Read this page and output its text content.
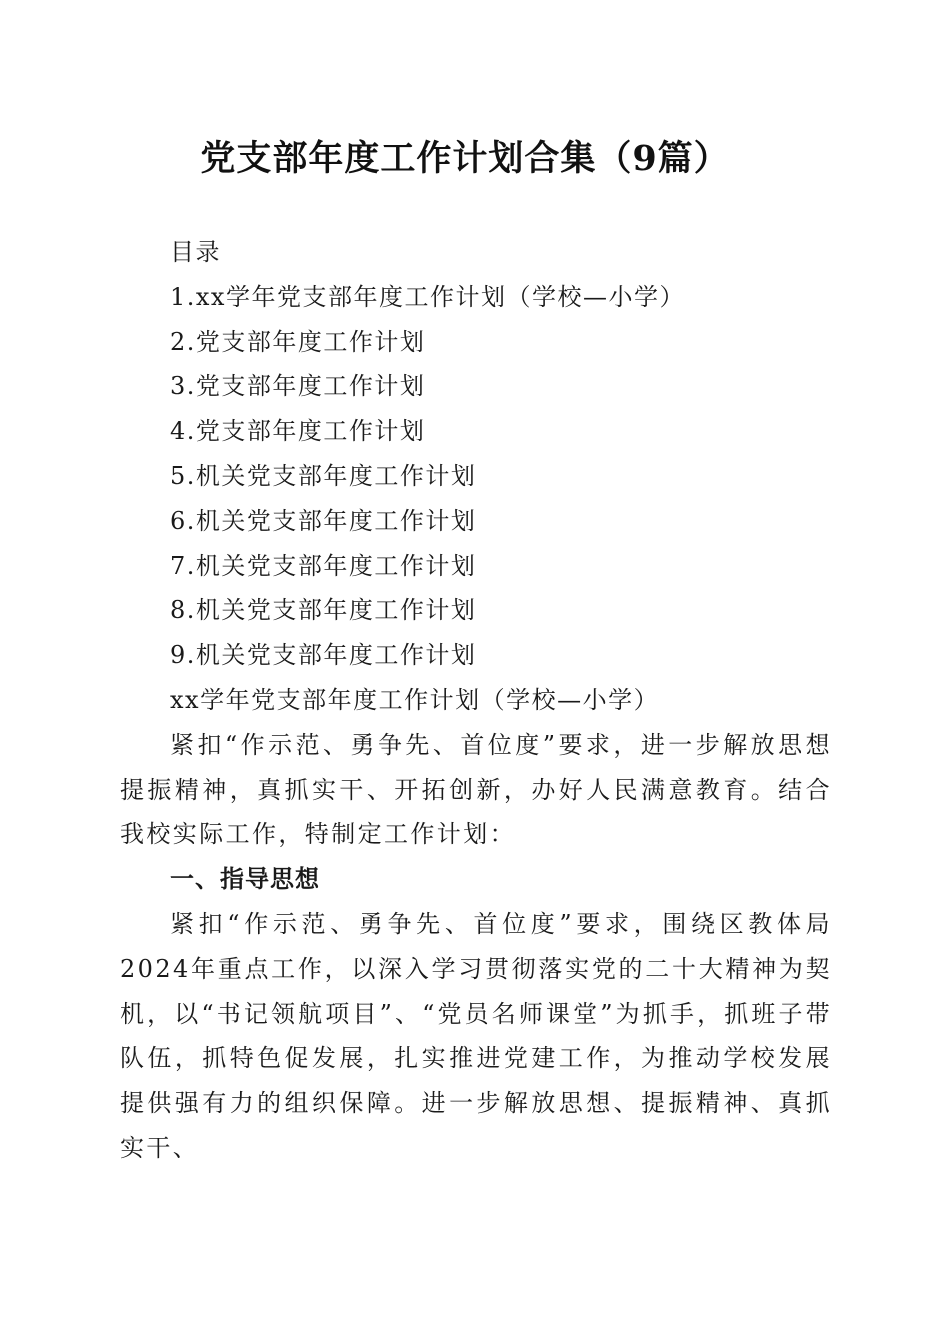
党支部年度工作计划合集（9篇）
目录
1.xx学年党支部年度工作计划（学校—小学）
2.党支部年度工作计划
3.党支部年度工作计划
4.党支部年度工作计划
5.机关党支部年度工作计划
6.机关党支部年度工作计划
7.机关党支部年度工作计划
8.机关党支部年度工作计划
9.机关党支部年度工作计划
xx学年党支部年度工作计划（学校—小学）

紧扣“作示范、勇争先、首位度”要求，进一步解放思想提振精神，真抓实干、开拓创新，办好人民满意教育。结合我校实际工作，特制定工作计划：

一、指导思想

紧扣“作示范、勇争先、首位度”要求，围绕区教体局2024年重点工作，以深入学习贯彻落实党的二十大精神为契机，以“书记领航项目”、“党员名师课堂”为抓手，抓班子带队伍，抓特色促发展，扎实推进党建工作，为推动学校发展提供强有力的组织保障。进一步解放思想、提振精神、真抓实干、
